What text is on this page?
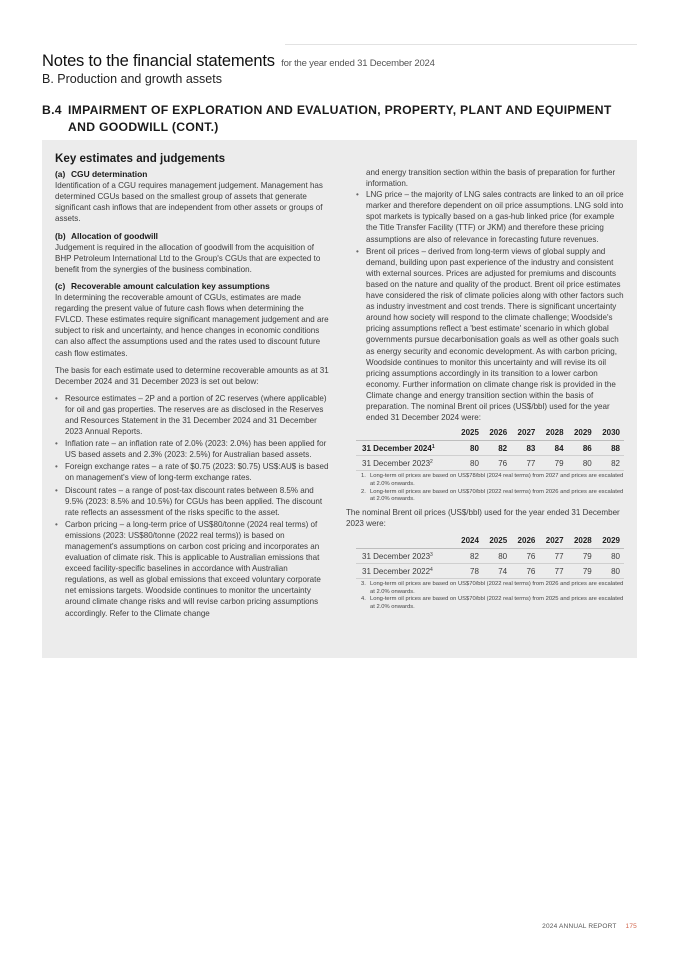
Notes to the financial statements for the year ended 31 December 2024
B. Production and growth assets
B.4 IMPAIRMENT OF EXPLORATION AND EVALUATION, PROPERTY, PLANT AND EQUIPMENT
AND GOODWILL (CONT.)
Key estimates and judgements
(a) CGU determination

Identification of a CGU requires management judgement. Management has determined CGUs based on the smallest group of assets that generate significant cash inflows that are independent from other assets or groups of assets.

(b) Allocation of goodwill

Judgement is required in the allocation of goodwill from the acquisition of BHP Petroleum International Ltd to the Group's CGUs that are expected to benefit from the synergies of the business combination.

(c) Recoverable amount calculation key assumptions

In determining the recoverable amount of CGUs, estimates are made regarding the present value of future cash flows when determining the FVLCD. These estimates require significant management judgement and are subject to risk and uncertainty, and hence changes in economic conditions can also affect the assumptions used and the rates used to discount future cash flow estimates.

The basis for each estimate used to determine recoverable amounts as at 31 December 2024 and 31 December 2023 is set out below:

• Resource estimates – 2P and a portion of 2C reserves (where applicable) for oil and gas properties. The reserves are as disclosed in the Reserves and Resources Statement in the 31 December 2024 and 31 December 2023 Annual Reports.
• Inflation rate – an inflation rate of 2.0% (2023: 2.0%) has been applied for US based assets and 2.3% (2023: 2.5%) for Australian based assets.
• Foreign exchange rates – a rate of $0.75 (2023: $0.75) US$:AU$ is based on management's view of long-term exchange rates.
• Discount rates – a range of post-tax discount rates between 8.5% and 9.5% (2023: 8.5% and 10.5%) for CGUs has been applied. The discount rate reflects an assessment of the risks specific to the asset.
• Carbon pricing – a long-term price of US$80/tonne (2024 real terms) of emissions (2023: US$80/tonne (2022 real terms)) is based on management's assumptions on carbon cost pricing and incorporates an evaluation of climate risk. This is applicable to Australian emissions that exceed facility-specific baselines in accordance with Australian regulations, as well as global emissions that exceed voluntary corporate net emissions targets. Woodside continues to monitor the uncertainty around climate change risks and will revise carbon pricing assumptions accordingly. Refer to the Climate change

and energy transition section within the basis of preparation for further information.

• LNG price – the majority of LNG sales contracts are linked to an oil price marker and therefore dependent on oil price assumptions. LNG sold into spot markets is typically based on a gas-hub linked price (for example the Title Transfer Facility (TTF) or JKM) and therefore these pricing assumptions are also of relevance in forecasting future revenues.
• Brent oil prices – derived from long-term views of global supply and demand, building upon past experience of the industry and consistent with external sources. Prices are adjusted for premiums and discounts based on the nature and quality of the product. Brent oil price estimates have considered the risk of climate policies along with other factors such as industry investment and cost trends. There is significant uncertainty around how society will respond to the climate challenge; Woodside's pricing assumptions reflect a 'best estimate' scenario in which global governments pursue decarbonisation goals as well as other goals such as energy security and economic development. As with carbon pricing, Woodside continues to monitor this uncertainty and will revise its oil pricing assumptions accordingly in its transition to a lower carbon economy. Further information on climate change risk is provided in the Climate change and energy transition section within the basis of preparation. The nominal Brent oil prices (US$/bbl) used for the year ended 31 December 2024 were:
	2025	2026	2027	2028	2029	2030
31 December 2024$^1$	80	82	83	84	86	88
31 December 2023$^2$	80	76	77	79	80	82
1. Long-term oil prices are based on US$78/bbl (2024 real terms) from 2027 and prices are escalated at 2.0% onwards.
2. Long-term oil prices are based on US$70/bbl (2022 real terms) from 2026 and prices are escalated at 2.0% onwards.

The nominal Brent oil prices (US$/bbl) used for the year ended 31 December 2023 were:

	2024	2025	2026	2027	2028	2029
31 December 2023$^3$	82	80	76	77	79	80
31 December 2022$^4$	78	74	76	77	79	80
3. Long-term oil prices are based on US$70/bbl (2022 real terms) from 2026 and prices are escalated at 2.0% onwards.
4. Long-term oil prices are based on US$70/bbl (2022 real terms) from 2025 and prices are escalated at 2.0% onwards.
2024 ANNUAL REPORT 175
